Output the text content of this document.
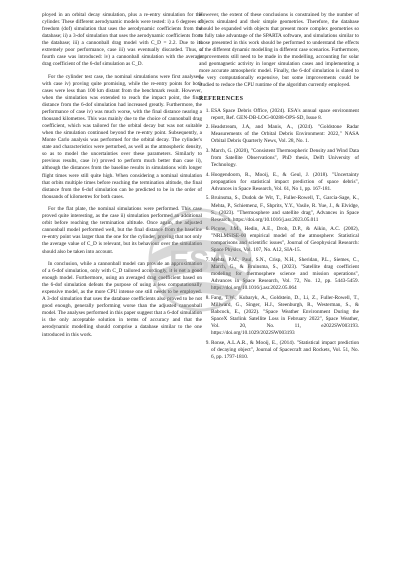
ployed in an orbital decay simulation, plus a re-entry simulation for the cylinder. These different aerodynamic models were tested: i) a 6 degrees of freedom (dof) simulation that uses the aerodynamic coefficients from the database; ii) a 3-dof simulation that uses the aerodynamic coefficients from the database; iii) a cannonball drag model with C_D = 2.2. Due to its extremely poor performance, case iii) was eventually discarded. Thus, a fourth case was introduced: iv) a cannonball simulation with the average drag coefficient of the 6-dof simulation as C_D.

For the cylinder test case, the nominal simulations were first analysed, with case iv) proving quite promising, while the re-entry points for both cases were less than 100 km distant from the benchmark result. However, when the simulation was extended to reach the impact point, the final distance from the 6-dof simulation had increased greatly. Furthermore, the performance of case iv) was much worse, with the final distance nearing a thousand kilometres. This was mainly due to the choice of cannonball drag coefficient, which was tailored for the orbital decay but was not suitable when the simulation continued beyond the re-entry point. Subsequently, a Monte Carlo analysis was performed for the orbital decay. The cylinder's state and characteristics were perturbed, as well as the atmospheric density, so as to model the uncertainties over these parameters. Similarly to previous results, case iv) proved to perform much better than case ii), although the distances from the baseline results in simulations with longer flight times were still quite high. When considering a nominal simulation that orbits multiple times before reaching the termination altitude, the final distance from the 6-dof simulation can be predicted to be in the order of thousands of kilometres for both cases.

For the flat plate, the nominal simulations were performed. This case proved quite interesting, as the case ii) simulation performed an additional orbit before reaching the termination altitude. Once again, the adjusted cannonball model performed well, but the final distance from the baseline re-entry point was larger than the one for the cylinder, proving that not only the average value of C_D is relevant, but its behaviour over the simulation should also be taken into account.

In conclusion, while a cannonball model can provide an approximation of a 6-dof simulation, only with C_D tailored accordingly, it is not a good enough model. Furthermore, using an averaged drag coefficient based on the 6-dof simulation defeats the purpose of using a less computationally expensive model, as the more CPU intense one still needs to be employed. A 3-dof simulation that uses the database coefficients also proved to be not good enough, generally performing worse than the adjusted cannonball model. The analyses performed in this paper suggest that a 6-dof simulation is the only acceptable solution in terms of accuracy and that the aerodynamic modelling should comprise a database similar to the one introduced in this work.

However, the extent of these conclusions is constrained by the number of objects simulated and their simple geometries. Therefore, the database should be expanded with objects that present more complex geometries so to fully take advantage of the SPARTA software, and simulations similar to those presented in this work should be performed to understand the effects of the different dynamic modelling in different case scenarios. Furthermore, improvements still need to be made in the modelling, accounting for solar and geomagnetic activity in longer simulation cases and implementing a more accurate atmospheric model. Finally, the 6-dof simulation is slated to be very computationally expensive, but some improvements could be studied to reduce the CPU runtime of the algorithm currently employed.

REFERENCES
1. ESA Space Debris Office, (2024). ESA's annual space environment report, Ref. GEN-DB-LOG-00288-OPS-SD, Issue 8.
2. Headstream, J.A, and Manis, A., (2024). "Goldstone Radar Measurements of the Orbital Debris Environment: 2022," NASA Orbital Debris Quarterly News, Vol. 28, No. 1.
3. March, G. (2020), "Consistent Thermospheric Density and Wind Data from Satellite Observations", PhD thesis, Delft University of Technology.
4. Hoogendoorn, R., Mooij, E., & Geul, J. (2018). "Uncertainty propagation for statistical impact prediction of space debris", Advances in Space Research, Vol. 61, No 1, pp. 167-181.
5. Bruinsma, S., Dudok de Wit, T., Fuller-Rowell, T., Garcia-Sage, K., Mehta, P., Schiemenz, F., Shprits, Y.Y., Vasile, R. Yue, J., & Elvidge, S., (2023). "Thermosphere and satellite drag", Advances in Space Research. https://doi.org/10.1016/j.asr.2023.05.011
6. Picone, J.M., Hedin, A.E., Drob, D.P., & Aikin, A.C. (2002), "NRLMSISE-00 empirical model of the atmosphere: Statistical comparisons and scientific issues", Journal of Geophysical Research: Space Physics, Vol. 107, No. A12, SIA-15.
7. Mehta, P.M., Paul, S.N., Crisp, N.H., Sheridan, P.L., Siemes, C., March, G., & Bruinsma, S., (2023). "Satellite drag coefficient modeling for thermosphere science and mission operations", Advances in Space Research, Vol. 72, No. 12, pp. 5443-5459. https://doi.org/10.1016/j.asr.2022.05.064
8. Fang, T.W., Kubaryk, A., Goldstein, D., Li, Z., Fuller-Rowell, T., Millward, G., Singer, H.J., Steenburgh, R., Westerman, S., & Babcock, E., (2022). "Space Weather Environment During the SpaceX Starlink Satellite Loss in February 2022", Space Weather, Vol. 20, No. 11, e2022SW003193. https://doi.org/10.1029/2022SW003193
9. Ronse, A.L.A.R., & Mooij, E., (2014). "Statistical impact prediction of decaying object", Journal of Spacecraft and Rockets, Vol. 51, No. 6, pp. 1797-1810.
ESA
